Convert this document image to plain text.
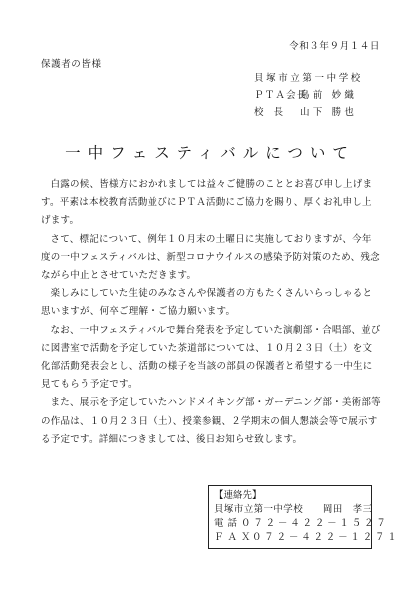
令和３年９月１４日
保護者の皆様
貝塚市立第一中学校
ＰＴＡ会長
鳥前 妙織
校長 山下 勝也
一中フェスティバルについて

白露の候、皆様方におかれましては益々ご健勝のこととお喜び申し上げます。平素は本校教育活動並びにＰＴＡ活動にご協力を賜り、厚くお礼申し上げます。

さて、標記について、例年１０月末の土曜日に実施しておりますが、今年度の一中フェスティバルは、新型コロナウイルスの感染予防対策のため、残念ながら中止とさせていただきます。

楽しみにしていた生徒のみなさんや保護者の方もたくさんいらっしゃると思いますが、何卒ご理解・ご協力願います。

なお、一中フェスティバルで舞台発表を予定していた演劇部・合唱部、並びに図書室で活動を予定していた茶道部については、１０月２３日（土）を文化部活動発表会とし、活動の様子を当該の部員の保護者と希望する一中生に見てもらう予定です。

また、展示を予定していたハンドメイキング部・ガーデニング部・美術部等の作品は、１０月２３日（土）、授業参観、２学期末の個人懇談会等で展示する予定です。詳細につきましては、後日お知らせ致します。

【連絡先】
貝塚市立第一中学校　　岡田　孝三
電話 ０７２－４２２－１５２７
ＦＡＸ
０７２－４２２－１２７１
